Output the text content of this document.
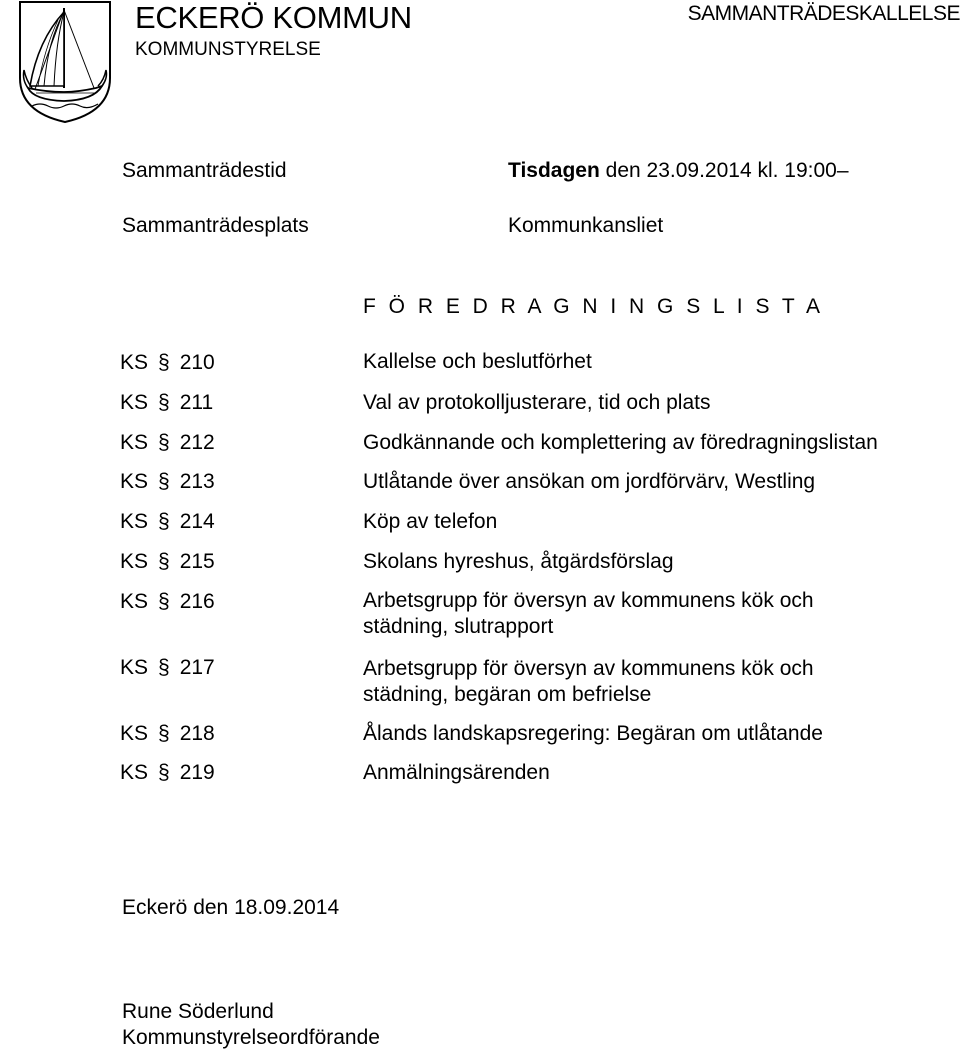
ECKERÖ KOMMUN
KOMMUNSTYRELSE
SAMMANTRÄDESKALLELSE
Sammanträdestid	Tisdagen den 23.09.2014 kl. 19:00–
Sammanträdesplats	Kommunkansliet
F Ö R E D R A G N I N G S L I S T A
KS § 210	Kallelse och beslutförhet
KS § 211	Val av protokolljusterare, tid och plats
KS § 212	Godkännande och komplettering av föredragningslistan
KS § 213	Utlåtande över ansökan om jordförvärv, Westling
KS § 214	Köp av telefon
KS § 215	Skolans hyreshus, åtgärdsförslag
KS § 216	Arbetsgrupp för översyn av kommunens kök och
städning, slutrapport
KS § 217	Arbetsgrupp för översyn av kommunens kök och
städning, begäran om befrielse
KS § 218	Ålands landskapsregering: Begäran om utlåtande
KS § 219	Anmälningsärenden
Eckerö den 18.09.2014
Rune Söderlund
Kommunstyrelseordförande
